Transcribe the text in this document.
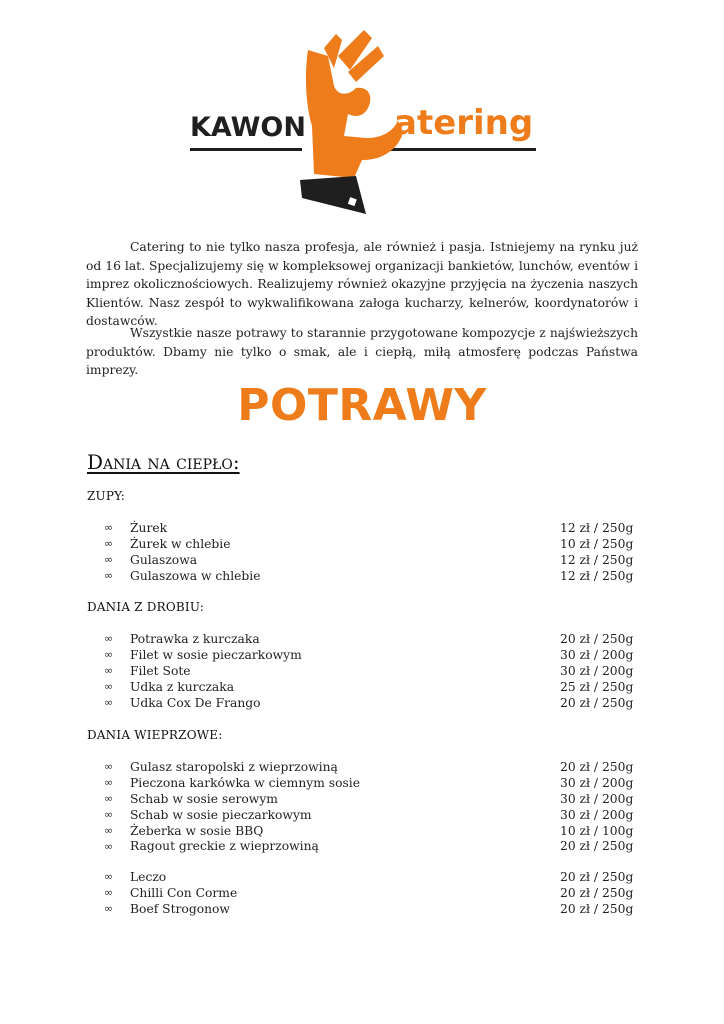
KAWON	atering

Catering to nie tylko nasza profesja, ale również i pasja. Istniejemy na rynku już od 16 lat. Specjalizujemy się w kompleksowej organizacji bankietów, lunchów, eventów i imprez okolicznościowych. Realizujemy również okazyjne przyjęcia na życzenia naszych Klientów. Nasz zespół to wykwalifikowana załoga kucharzy, kelnerów, koordynatorów i dostawców.

Wszystkie nasze potrawy to starannie przygotowane kompozycje z najświeższych produktów. Dbamy nie tylko o smak, ale i ciepłą, miłą atmosferę podczas Państwa imprezy.

POTRAWY
Dania na ciepło:
ZUPY:
∞	Żurek	12 zł / 250g
∞	Żurek w chlebie	10 zł / 250g
∞	Gulaszowa	12 zł / 250g
∞	Gulaszowa w chlebie	12 zł / 250g
DANIA Z DROBIU:
∞	Potrawka z kurczaka	20 zł / 250g
∞	Filet w sosie pieczarkowym	30 zł / 200g
∞	Filet Sote	30 zł / 200g
∞	Udka z kurczaka	25 zł / 250g
∞	Udka Cox De Frango	20 zł / 250g
DANIA WIEPRZOWE:
∞	Gulasz staropolski z wieprzowiną	20 zł / 250g
∞	Pieczona karkówka w ciemnym sosie	30 zł / 200g
∞	Schab w sosie serowym	30 zł / 200g
∞	Schab w sosie pieczarkowym	30 zł / 200g
∞	Żeberka w sosie BBQ	10 zł / 100g
∞	Ragout greckie z wieprzowiną	20 zł / 250g
∞	Leczo	20 zł / 250g
∞	Chilli Con Corme	20 zł / 250g
∞	Boef Strogonow	20 zł / 250g
